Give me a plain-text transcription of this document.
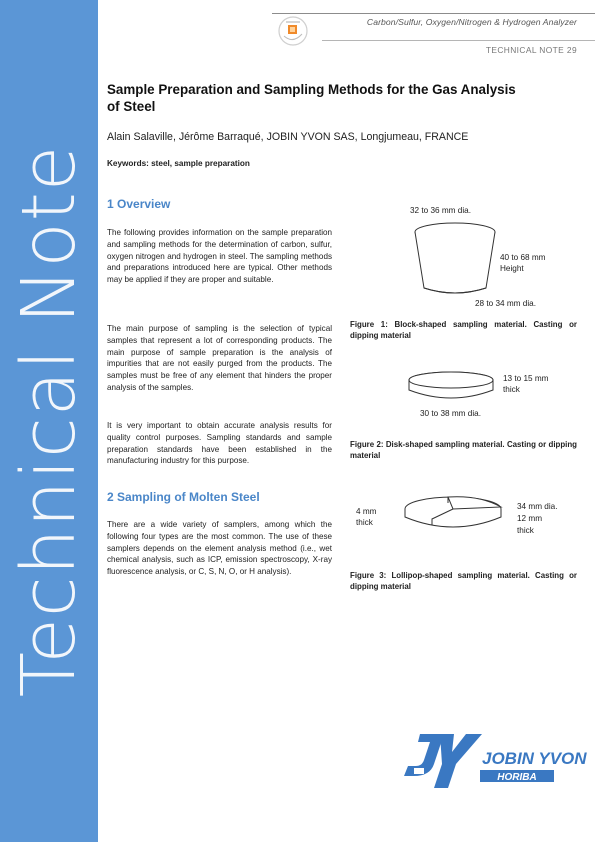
Technical Note
Carbon/Sulfur, Oxygen/Nitrogen & Hydrogen Analyzer
TECHNICAL NOTE 29
Sample Preparation and Sampling Methods for the Gas Analysis of Steel
Alain Salaville, Jérôme Barraqué, JOBIN YVON SAS, Longjumeau, FRANCE
Keywords: steel, sample preparation
1 Overview
The following provides information on the sample preparation and sampling methods for the determination of carbon, sulfur, oxygen nitrogen and hydrogen in steel. The sampling methods and preparations introduced here are typical. Other methods may be applied if they are proper and suitable.
The main purpose of sampling is the selection of typical samples that represent a lot of corresponding products. The main purpose of sample preparation is the analysis of impurities that are not easily purged from the products. The samples must be free of any element that hinders the proper analysis of the samples.
It is very important to obtain accurate analysis results for quality control purposes. Sampling standards and sample preparation standards have been established in the manufacturing industry for this purpose.
2 Sampling of Molten Steel
There are a wide variety of samplers, among which the following four types are the most common. The use of these samplers depends on the element analysis method (i.e., wet chemical analysis, such as ICP, emission spectroscopy, X-ray fluorescence analysis, or C, S, N, O, or H analysis).
32 to 36 mm dia.
40 to 68 mm
Height
28 to 34 mm dia.
Figure 1: Block-shaped sampling material. Casting or dipping material
13 to 15 mm
thick
30 to 38 mm dia.
Figure 2: Disk-shaped sampling material. Casting or dipping material
4 mm
thick
34 mm dia.
12 mm
thick
Figure 3: Lollipop-shaped sampling material. Casting or dipping material
JOBIN YVON
HORIBA
